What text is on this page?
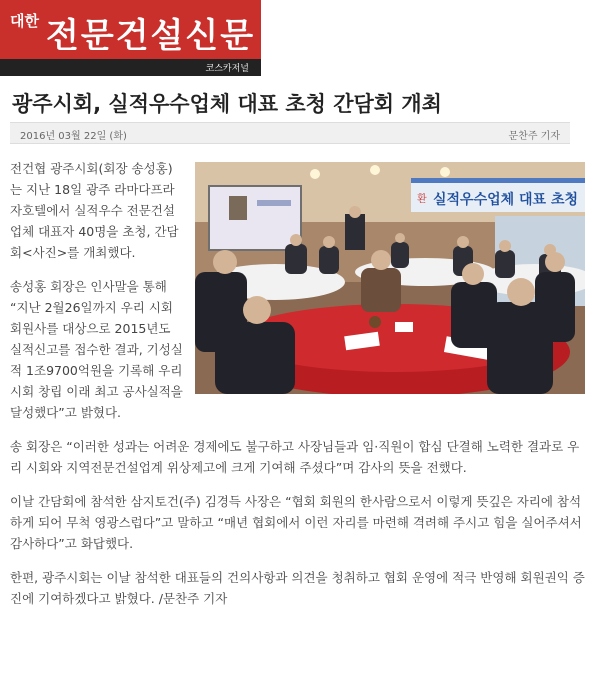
대한 전문건설신문
코스카저널
광주시회, 실적우수업체 대표 초청 간담회 개최
2016년 03월 22일 (화)	문찬주 기자
실적우수업체 대표 초청
환

전건협 광주시회(회장 송성홍)는 지난 18일 광주 라마다프라자호텔에서 실적우수 전문건설업체 대표자 40명을 초청, 간담회<사진>를 개최했다.

송성홍 회장은 인사말을 통해 “지난 2월26일까지 우리 시회 회원사를 대상으로 2015년도 실적신고를 접수한 결과, 기성실적 1조9700억원을 기록해 우리시회 창립 이래 최고 공사실적을 달성했다”고 밝혔다.

송 회장은 “이러한 성과는 어려운 경제에도 불구하고 사장님들과 임·직원이 합심 단결해 노력한 결과로 우리 시회와 지역전문건설업계 위상제고에 크게 기여해 주셨다”며 감사의 뜻을 전했다.

이날 간담회에 참석한 삼지토건(주) 김경득 사장은 “협회 회원의 한사람으로서 이렇게 뜻깊은 자리에 참석하게 되어 무척 영광스럽다”고 말하고 “매년 협회에서 이런 자리를 마련해 격려해 주시고 힘을 실어주셔서 감사하다”고 화답했다.

한편, 광주시회는 이날 참석한 대표들의 건의사항과 의견을 청취하고 협회 운영에 적극 반영해 회원권익 증진에 기여하겠다고 밝혔다. /문찬주 기자
